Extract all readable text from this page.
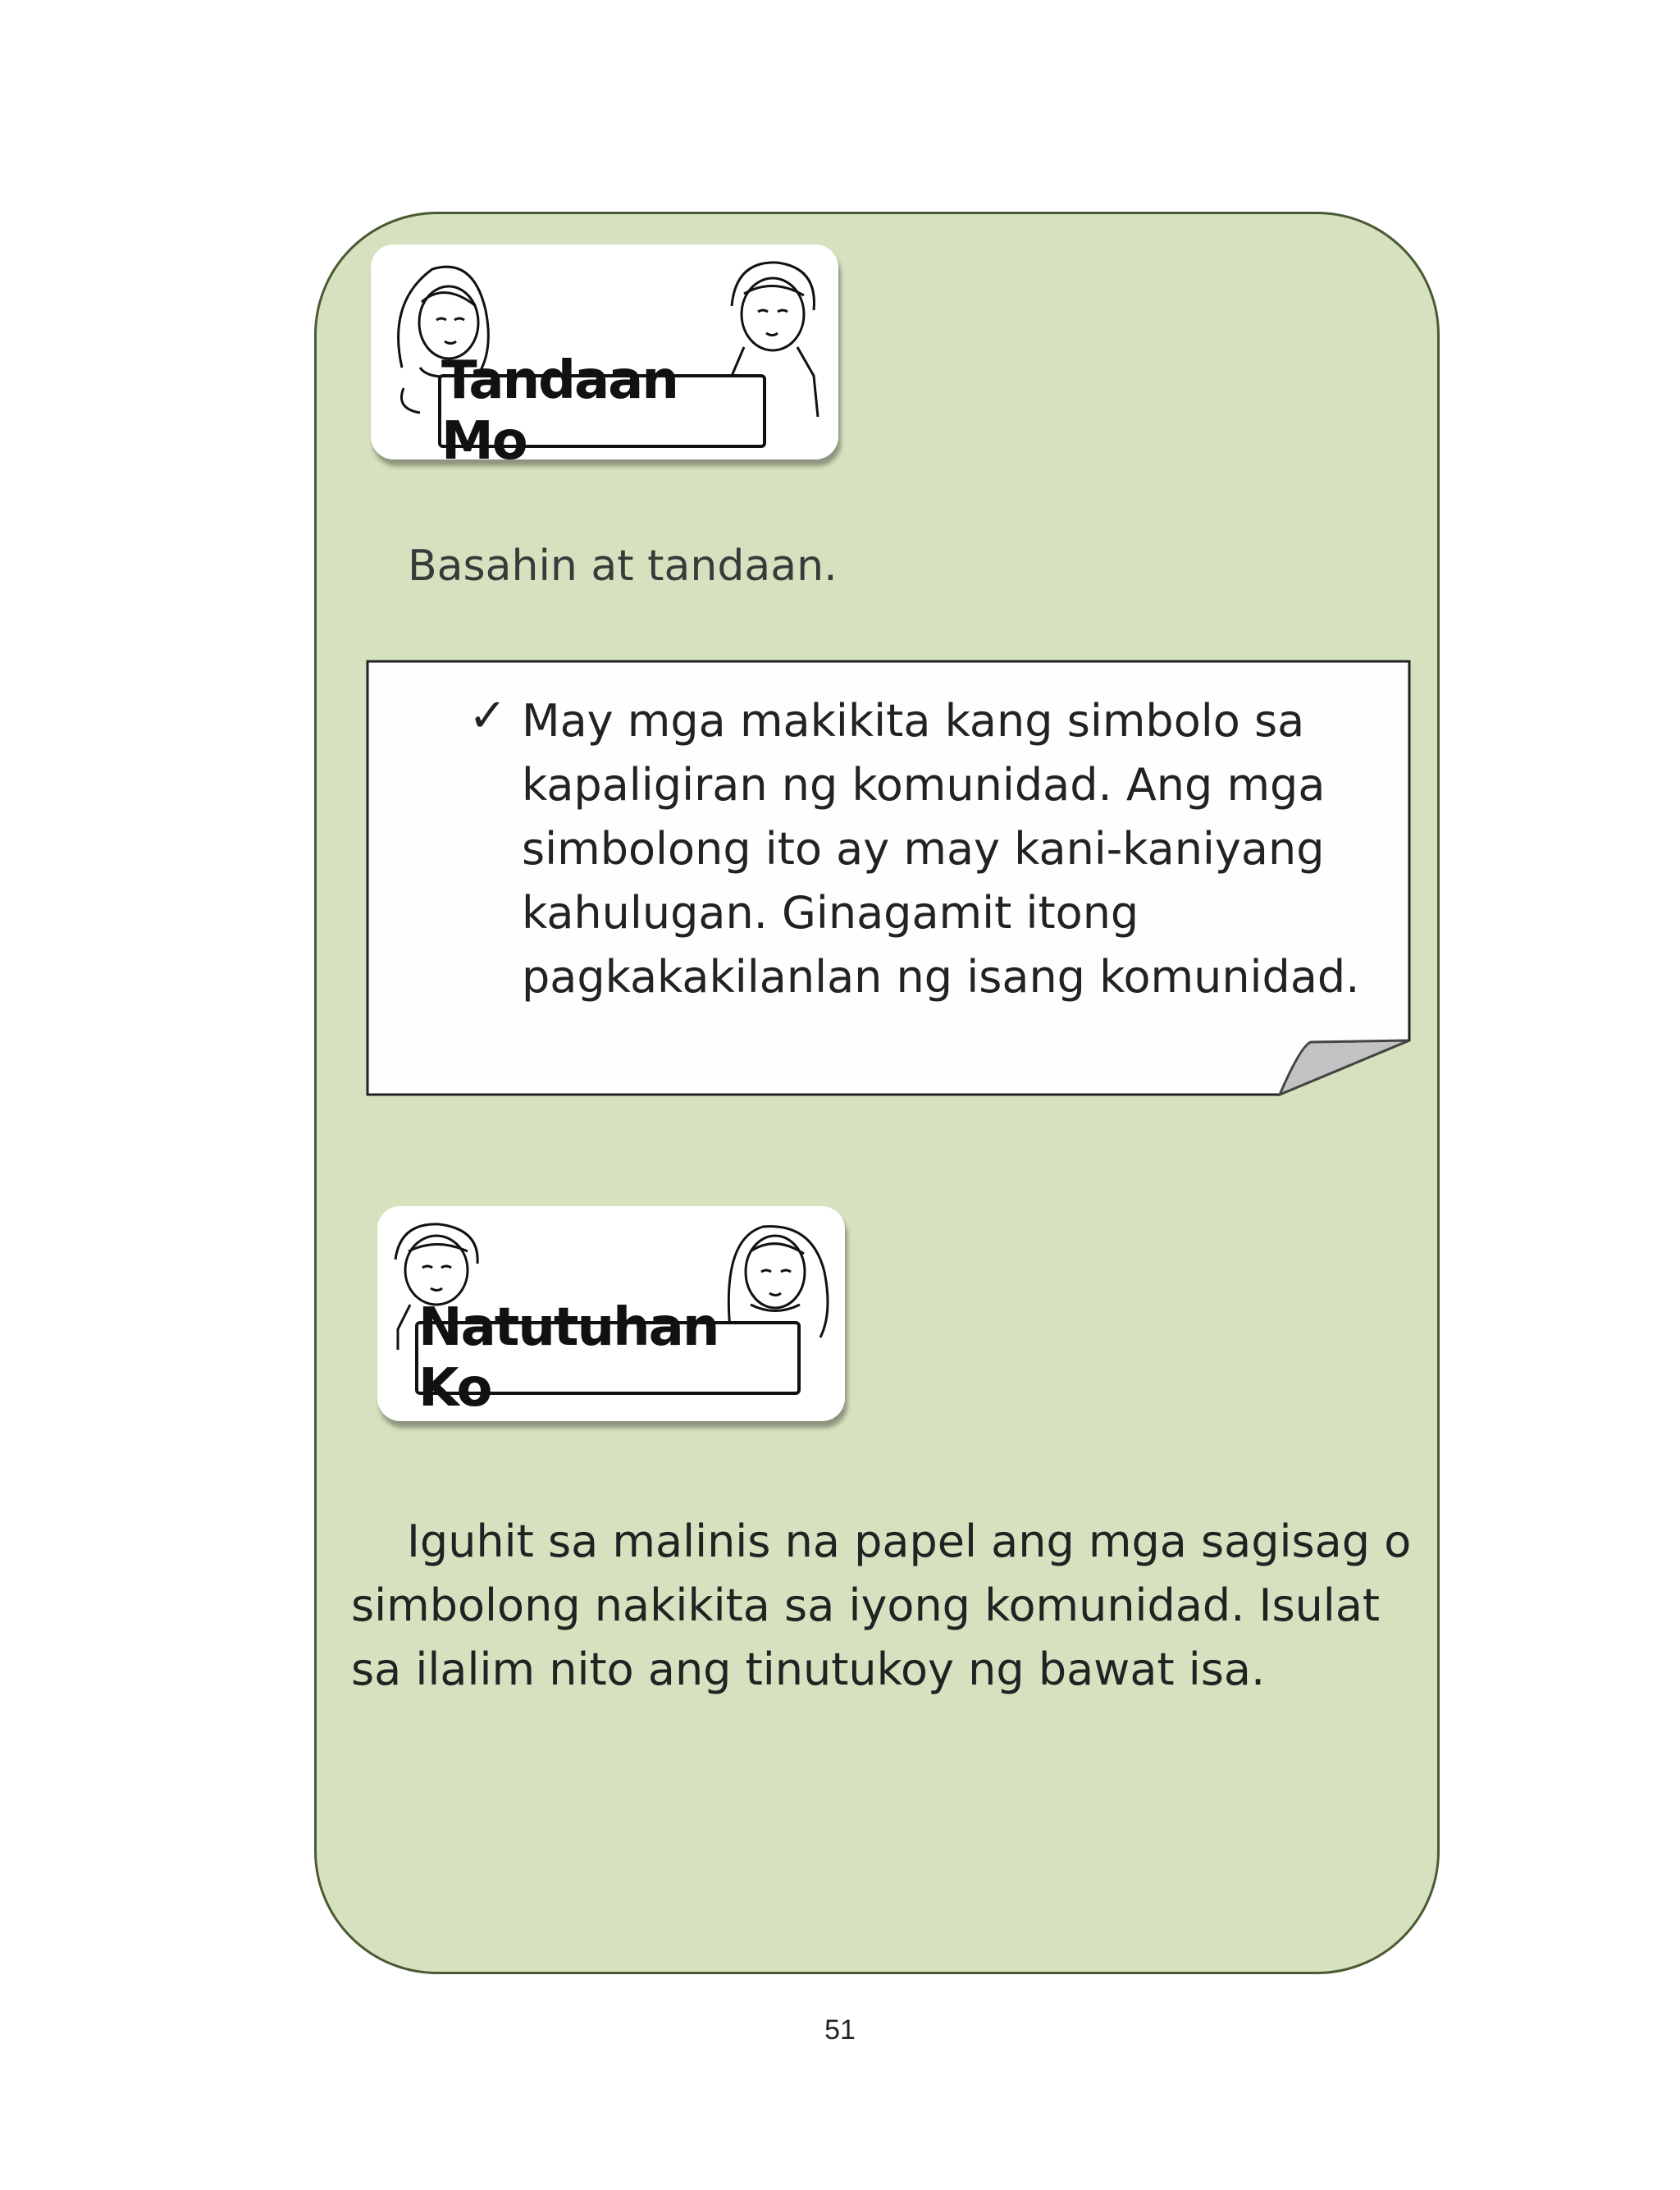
Tandaan Mo
Basahin at tandaan.
✓ May mga makikita kang simbolo sa kapaligiran ng komunidad. Ang mga simbolong ito ay may kani-kaniyang kahulugan. Ginagamit itong pagkakakilanlan ng isang komunidad.
Natutuhan Ko
Iguhit sa malinis na papel ang mga sagisag o simbolong nakikita sa iyong komunidad. Isulat sa ilalim nito ang tinutukoy ng bawat isa.
51
